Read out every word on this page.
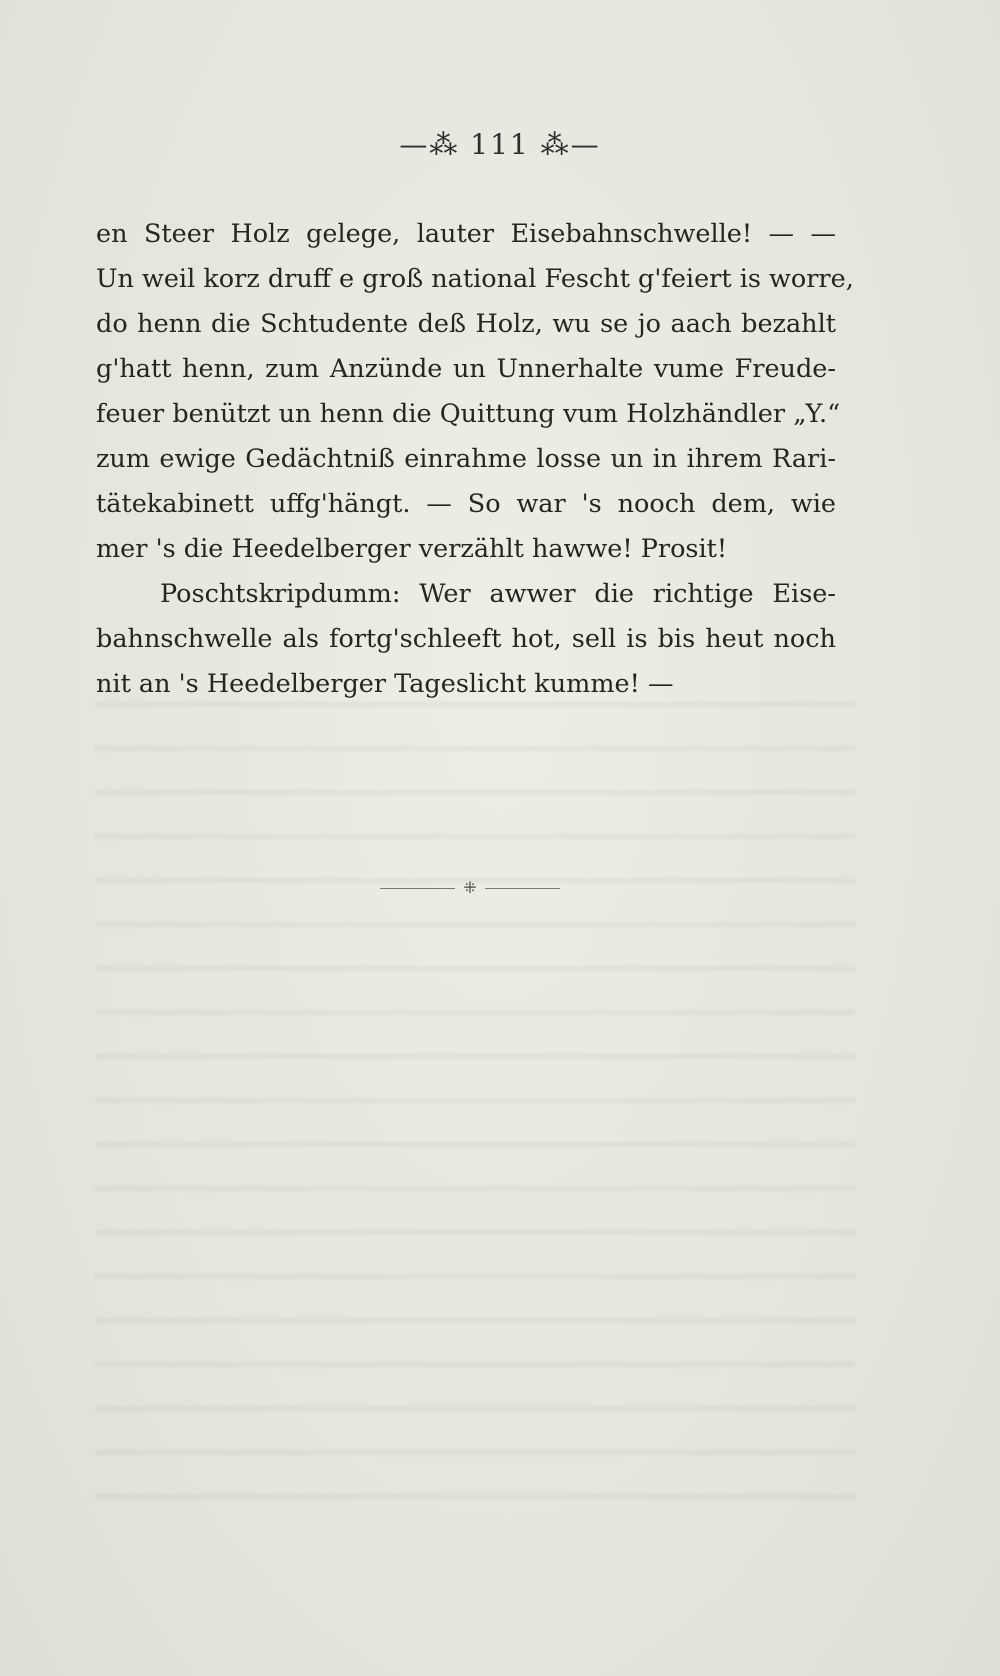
—⁂ 111 ⁂—

en Steer Holz gelege, lauter Eisebahnschwelle! — —
Un weil korz druff e groß national Fescht g'feiert is worre,
do henn die Schtudente deß Holz, wu se jo aach bezahlt
g'hatt henn, zum Anzünde un Unnerhalte vume Freude-
feuer benützt un henn die Quittung vum Holzhändler „Y.“
zum ewige Gedächtniß einrahme losse un in ihrem Rari-
tätekabinett uffg'hängt. — So war 's nooch dem, wie
mer 's die Heedelberger verzählt hawwe! Prosit!

Poschtskripdumm: Wer awwer die richtige Eise-
bahnschwelle als fortg'schleeft hot, sell is bis heut noch
nit an 's Heedelberger Tageslicht kumme! —

⁜
